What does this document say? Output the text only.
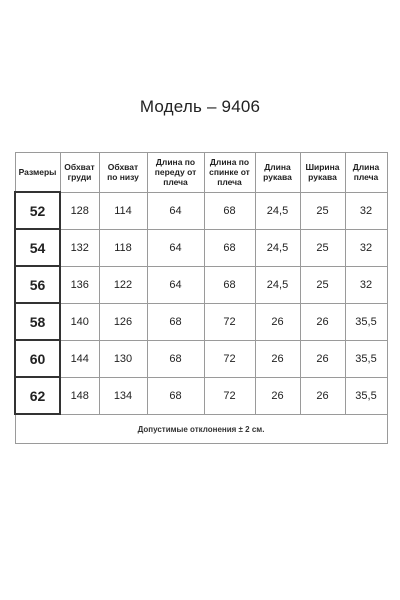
Модель – 9406
Размеры	Обхват груди	Обхват по низу	Длина по переду от плеча	Длина по спинке от плеча	Длина рукава	Ширина рукава	Длина плеча

52	128	114	64	68	24,5	25	32
54	132	118	64	68	24,5	25	32
56	136	122	64	68	24,5	25	32
58	140	126	68	72	26	26	35,5
60	144	130	68	72	26	26	35,5
62	148	134	68	72	26	26	35,5
Допустимые отклонения ± 2 см.							
